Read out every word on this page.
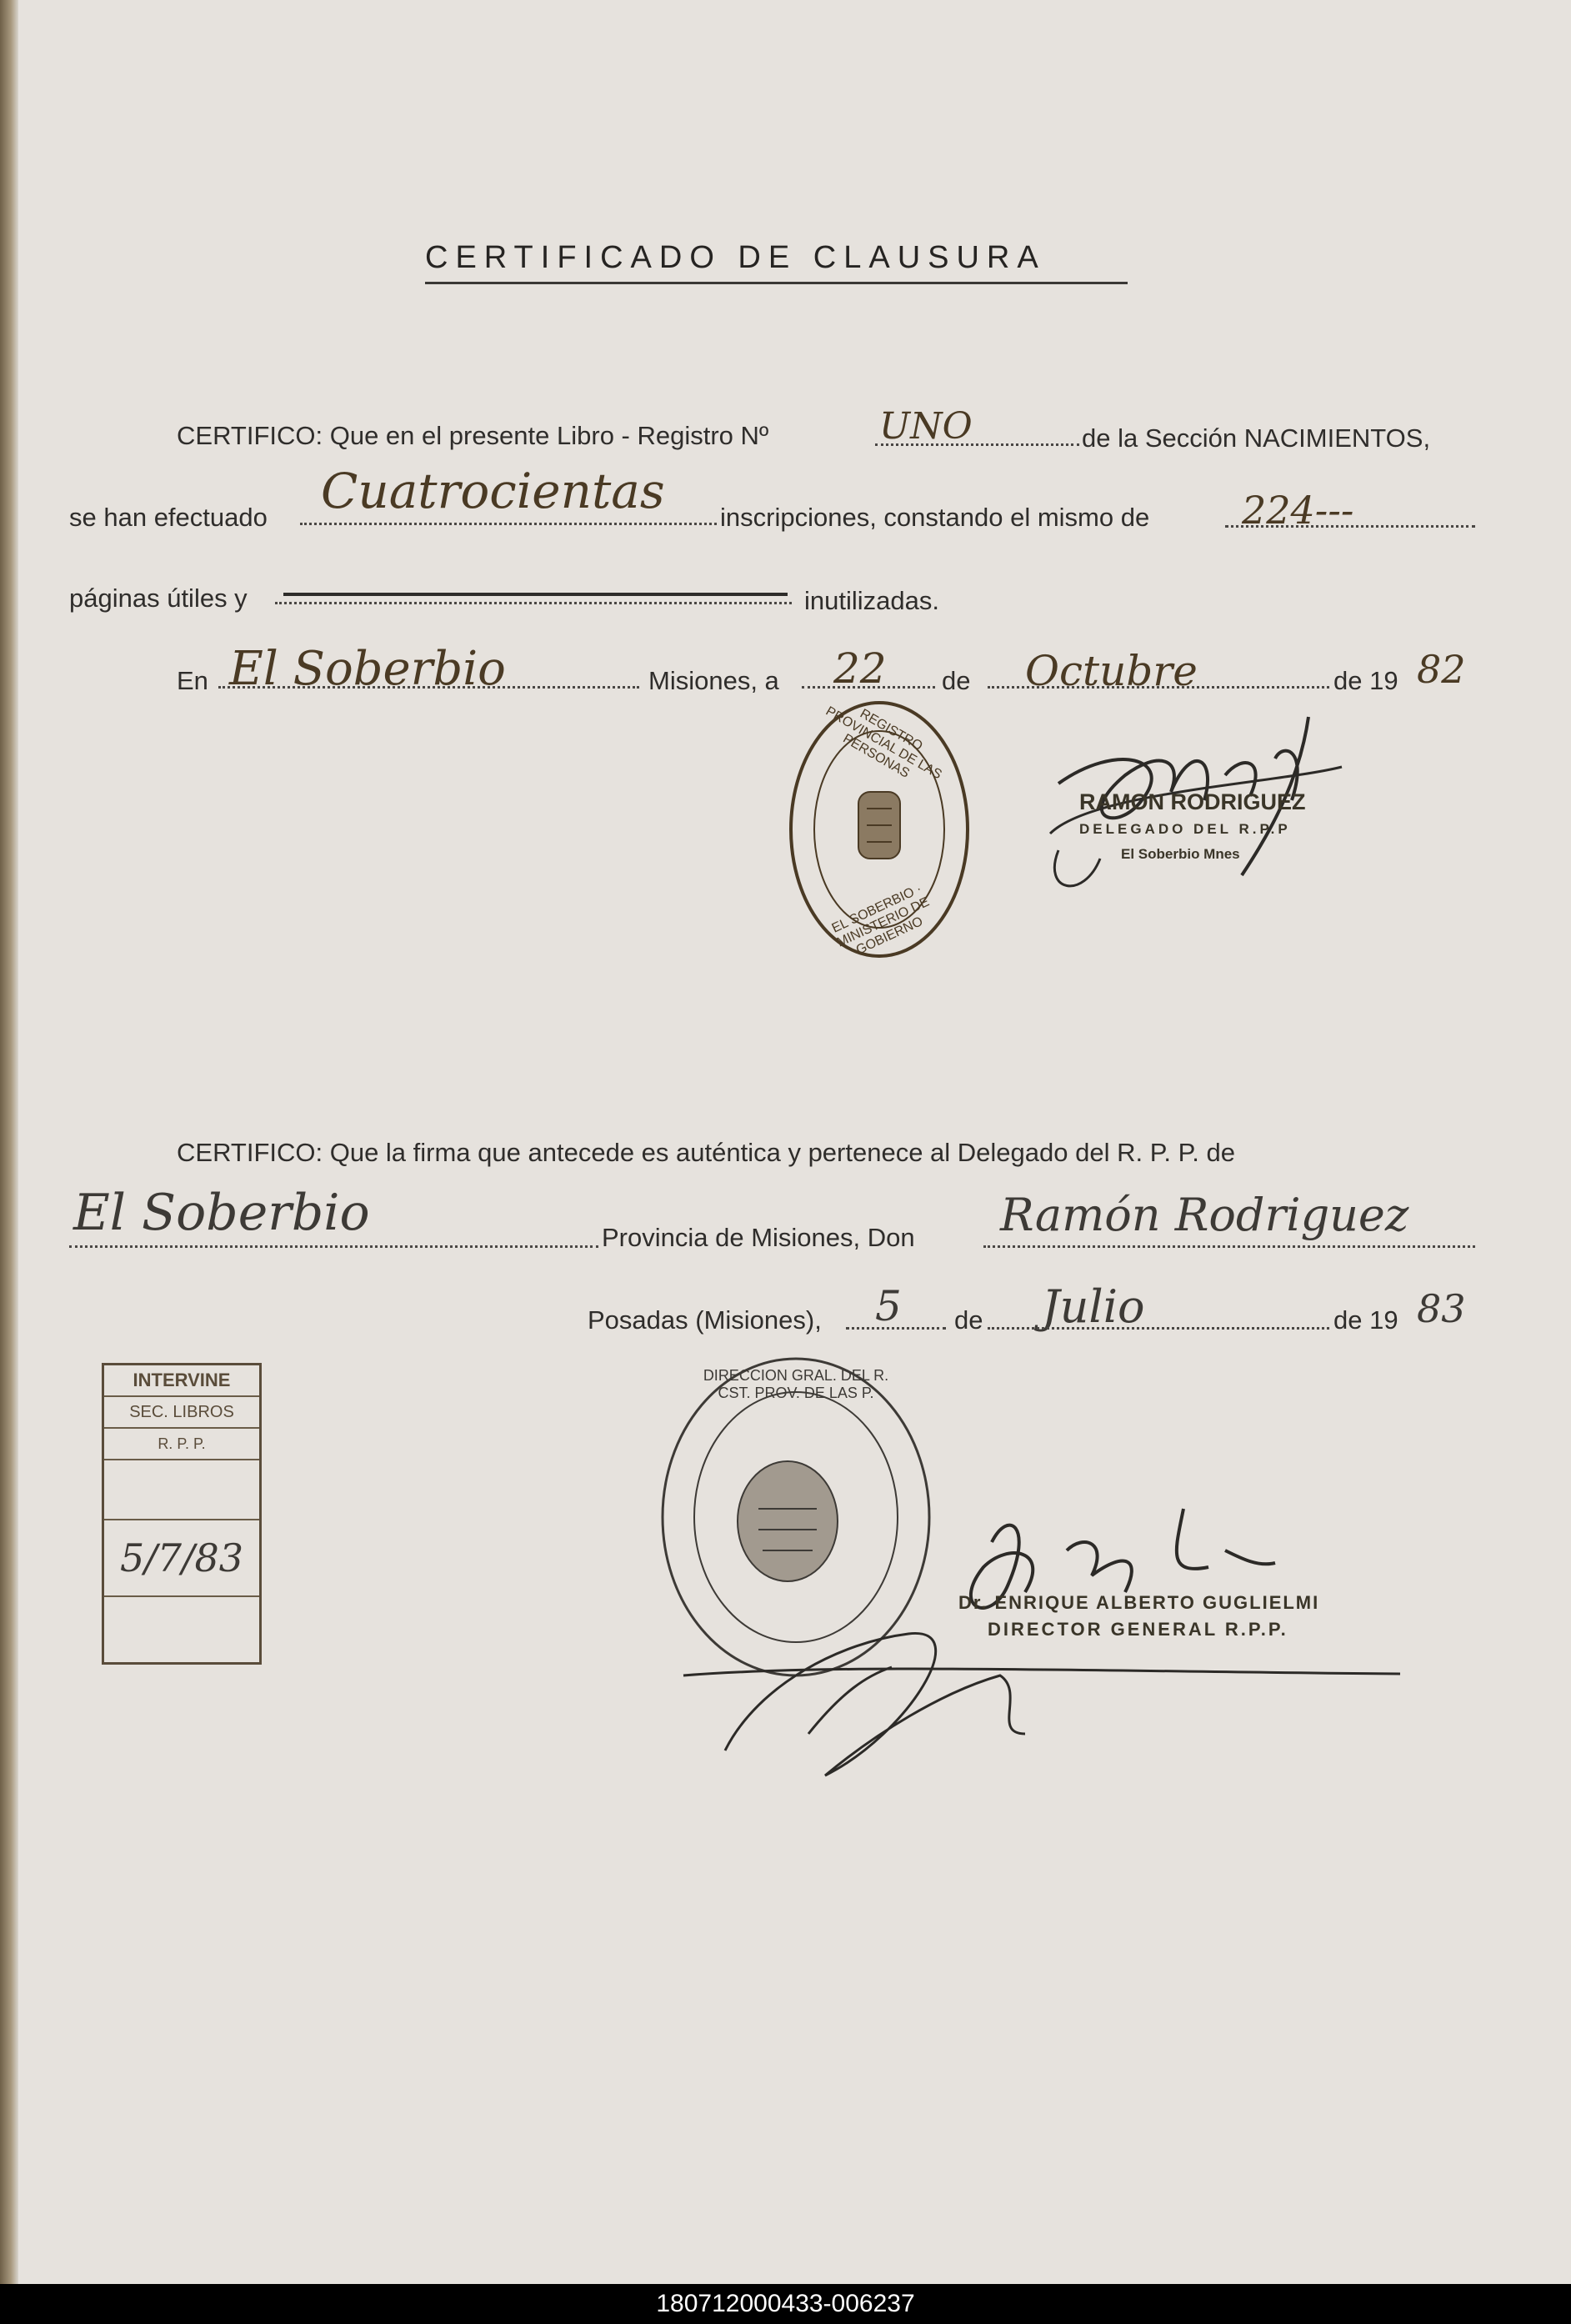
CERTIFICADO DE CLAUSURA
CERTIFICO: Que en el presente Libro - Registro Nº	UNO	de la Sección NACIMIENTOS,
se han efectuado Cuatrocientas inscripciones, constando el mismo de 224---
páginas útiles y	inutilizadas.
En El Soberbio	Misiones, a 22 de Octubre	de 19 82
REGISTRO PROVINCIAL DE LAS PERSONAS
EL SOBERBIO · MINISTERIO DE GOBIERNO
RAMON RODRIGUEZ
DELEGADO DEL R.P.P
El Soberbio Mnes
CERTIFICO: Que la firma que antecede es auténtica y pertenece al Delegado del R. P. P. de
El Soberbio	Provincia de Misiones, Don Ramón Rodriguez
Posadas (Misiones), 5 de Julio	de 19 83
INTERVINE
SEC. LIBROS
R. P. P.
5/7/83
DIRECCION GRAL. DEL R. CST. PROV. DE LAS P.
Dr. ENRIQUE ALBERTO GUGLIELMI
DIRECTOR GENERAL R.P.P.
180712000433-006237
